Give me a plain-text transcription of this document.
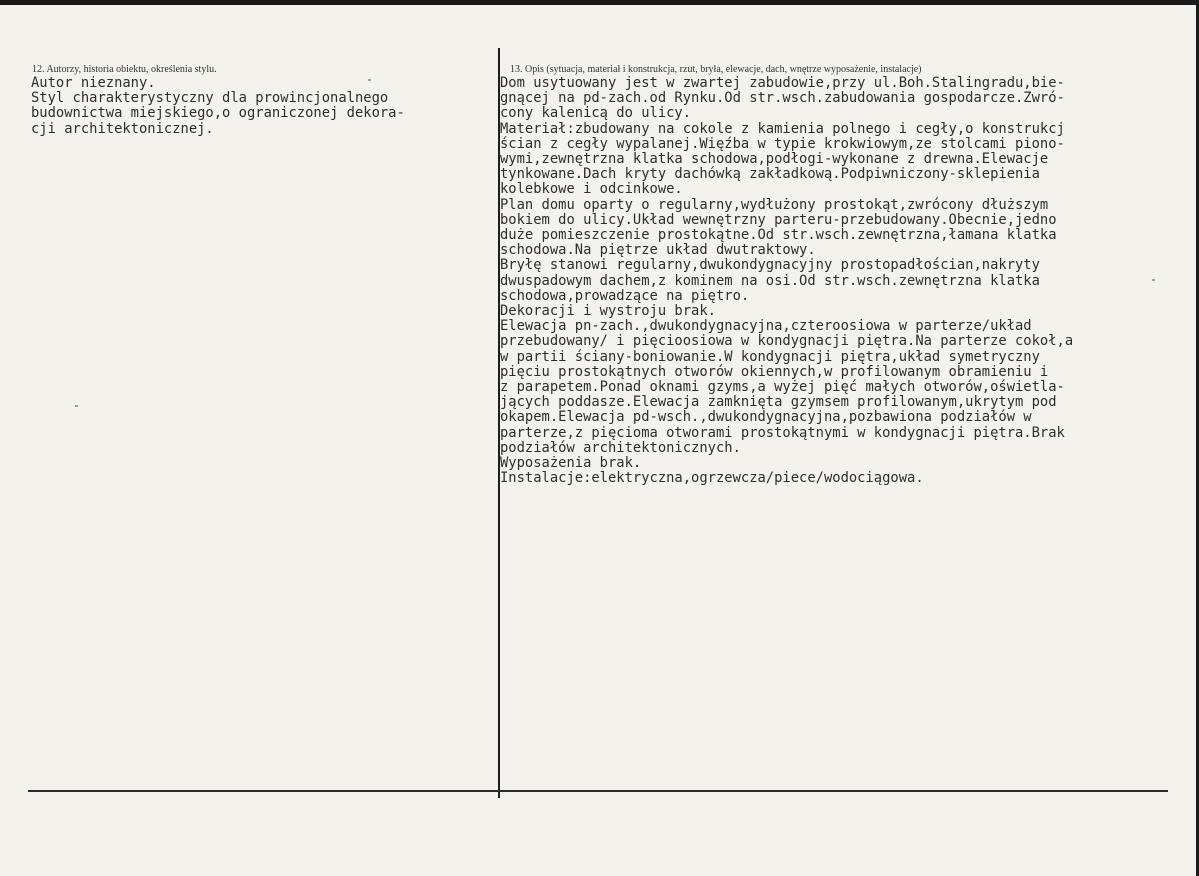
12. Autorzy, historia obiektu, określenia stylu.	13. Opis (sytuacja, materiał i konstrukcja, rzut, bryła, elewacje, dach, wnętrze wyposażenie, instalacje)
Autor nieznany.
Styl charakterystyczny dla prowincjonalnego
budownictwa miejskiego,o ograniczonej dekora-
cji architektonicznej.
Dom usytuowany jest w zwartej zabudowie,przy ul.Boh.Stalingradu,bie-
gnącej na pd-zach.od Rynku.Od str.wsch.zabudowania gospodarcze.Zwró-
cony kalenicą do ulicy.
Materiał:zbudowany na cokole z kamienia polnego i cegły,o konstrukcj
ścian z cegły wypalanej.Więźba w typie krokwiowym,ze stolcami piono-
wymi,zewnętrzna klatka schodowa,podłogi-wykonane z drewna.Elewacje
tynkowane.Dach kryty dachówką zakładkową.Podpiwniczony-sklepienia
kolebkowe i odcinkowe.
Plan domu oparty o regularny,wydłużony prostokąt,zwrócony dłuższym
bokiem do ulicy.Układ wewnętrzny parteru-przebudowany.Obecnie,jedno
duże pomieszczenie prostokątne.Od str.wsch.zewnętrzna,łamana klatka
schodowa.Na piętrze układ dwutraktowy.
Bryłę stanowi regularny,dwukondygnacyjny prostopadłościan,nakryty
dwuspadowym dachem,z kominem na osi.Od str.wsch.zewnętrzna klatka
schodowa,prowadzące na piętro.
Dekoracji i wystroju brak.
Elewacja pn-zach.,dwukondygnacyjna,czteroosiowa w parterze/układ
przebudowany/ i pięcioosiowa w kondygnacji piętra.Na parterze cokoł,a
w partii ściany-boniowanie.W kondygnacji piętra,układ symetryczny
pięciu prostokątnych otworów okiennych,w profilowanym obramieniu i
z parapetem.Ponad oknami gzyms,a wyżej pięć małych otworów,oświetla-
jących poddasze.Elewacja zamknięta gzymsem profilowanym,ukrytym pod
okapem.Elewacja pd-wsch.,dwukondygnacyjna,pozbawiona podziałów w
parterze,z pięcioma otworami prostokątnymi w kondygnacji piętra.Brak
podziałów architektonicznych.
Wyposażenia brak.
Instalacje:elektryczna,ogrzewcza/piece/wodociągowa.
